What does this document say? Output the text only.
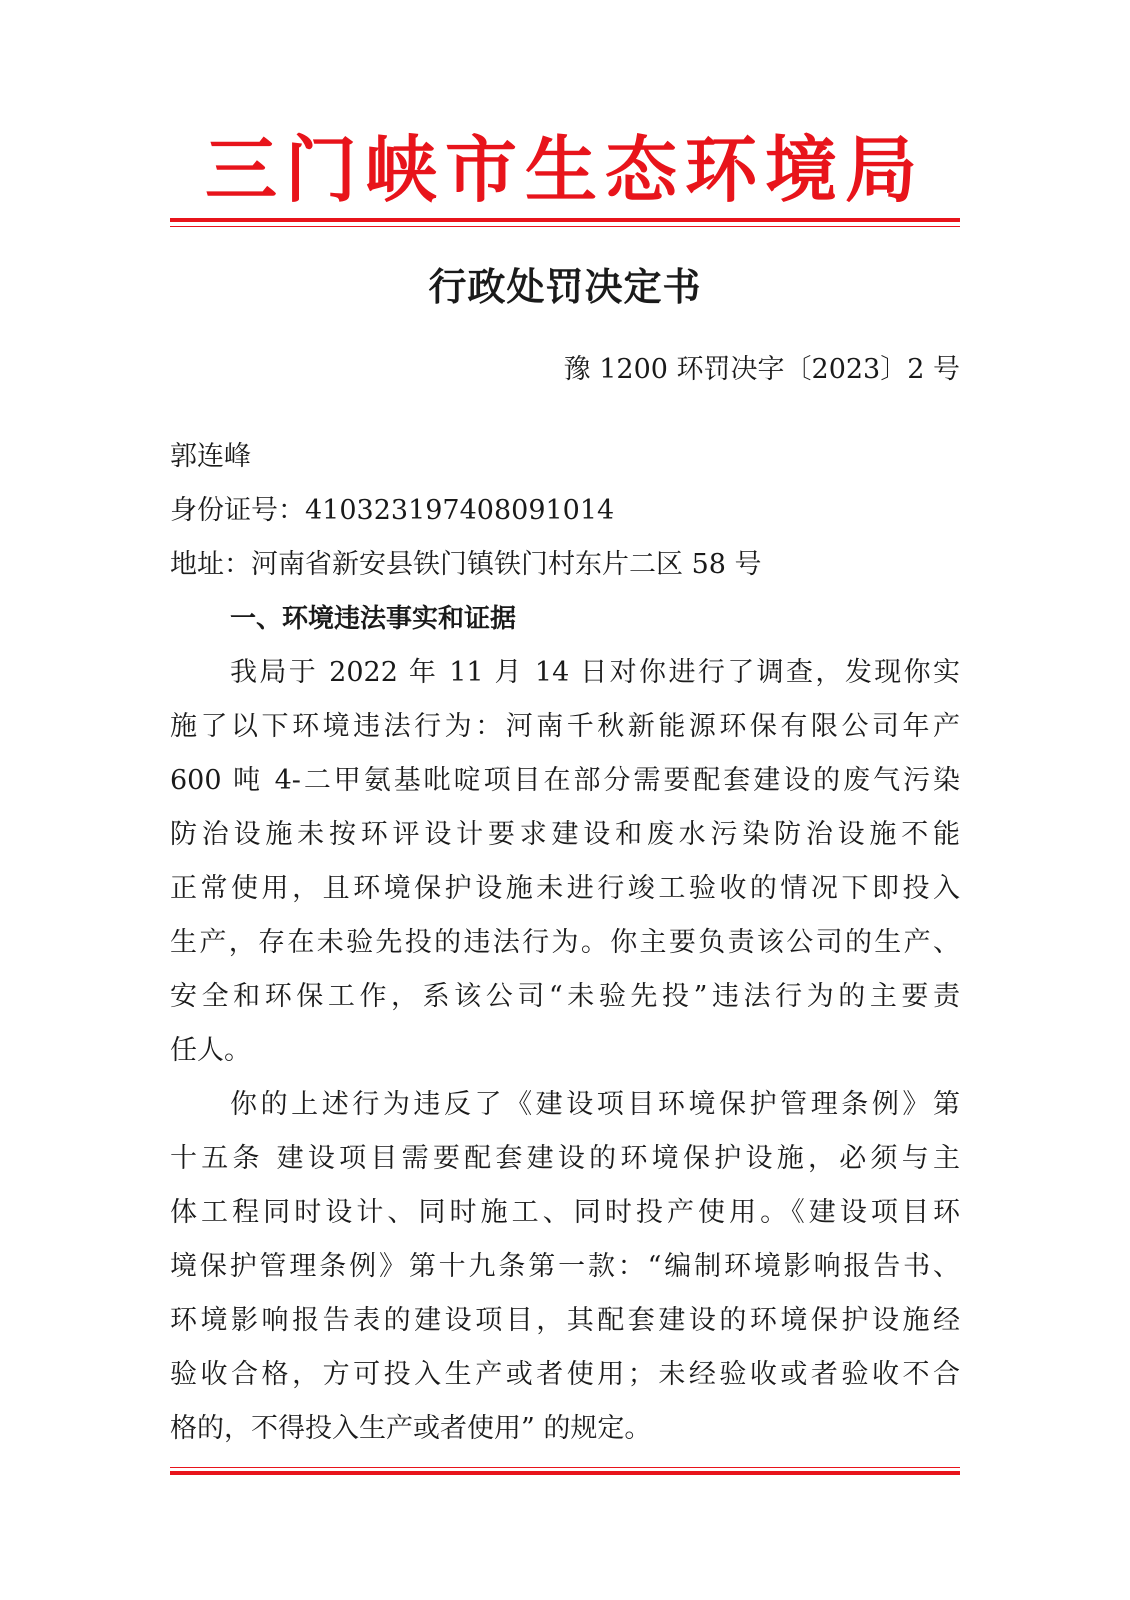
三门峡市生态环境局
行政处罚决定书
豫 1200 环罚决字〔2023〕2 号
郭连峰
身份证号：410323197408091014
地址：河南省新安县铁门镇铁门村东片二区 58 号
一、环境违法事实和证据
我局于 2022 年 11 月 14 日对你进行了调查，发现你实
施了以下环境违法行为：河南千秋新能源环保有限公司年产
600 吨 4-二甲氨基吡啶项目在部分需要配套建设的废气污染
防治设施未按环评设计要求建设和废水污染防治设施不能
正常使用，且环境保护设施未进行竣工验收的情况下即投入
生产，存在未验先投的违法行为。你主要负责该公司的生产、
安全和环保工作，系该公司“未验先投”违法行为的主要责
任人。
你的上述行为违反了《建设项目环境保护管理条例》第
十五条 建设项目需要配套建设的环境保护设施，必须与主
体工程同时设计、同时施工、同时投产使用。《建设项目环
境保护管理条例》第十九条第一款：“编制环境影响报告书、
环境影响报告表的建设项目，其配套建设的环境保护设施经
验收合格，方可投入生产或者使用；未经验收或者验收不合
格的，不得投入生产或者使用” 的规定。
